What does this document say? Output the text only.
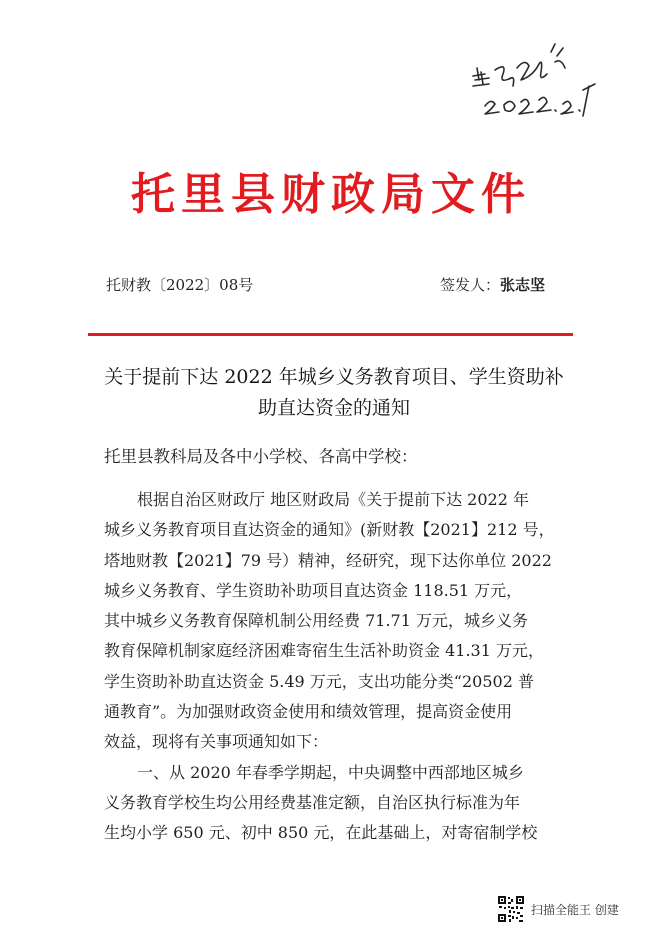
托里县财政局文件
托财教〔2022〕08号	签发人：张志坚
关于提前下达 2022 年城乡义务教育项目、学生资助补
助直达资金的通知
托里县教科局及各中小学校、各高中学校：
根据自治区财政厅 地区财政局《关于提前下达 2022 年
城乡义务教育项目直达资金的通知》(新财教【2021】212 号，
塔地财教【2021】79 号）精神，经研究，现下达你单位 2022
城乡义务教育、学生资助补助项目直达资金 118.51 万元，
其中城乡义务教育保障机制公用经费 71.71 万元，城乡义务
教育保障机制家庭经济困难寄宿生生活补助资金 41.31 万元，
学生资助补助直达资金 5.49 万元，支出功能分类“20502 普
通教育”。为加强财政资金使用和绩效管理，提高资金使用
效益，现将有关事项通知如下：
一、从 2020 年春季学期起，中央调整中西部地区城乡
义务教育学校生均公用经费基准定额，自治区执行标准为年
生均小学 650 元、初中 850 元，在此基础上，对寄宿制学校
扫描全能王 创建
